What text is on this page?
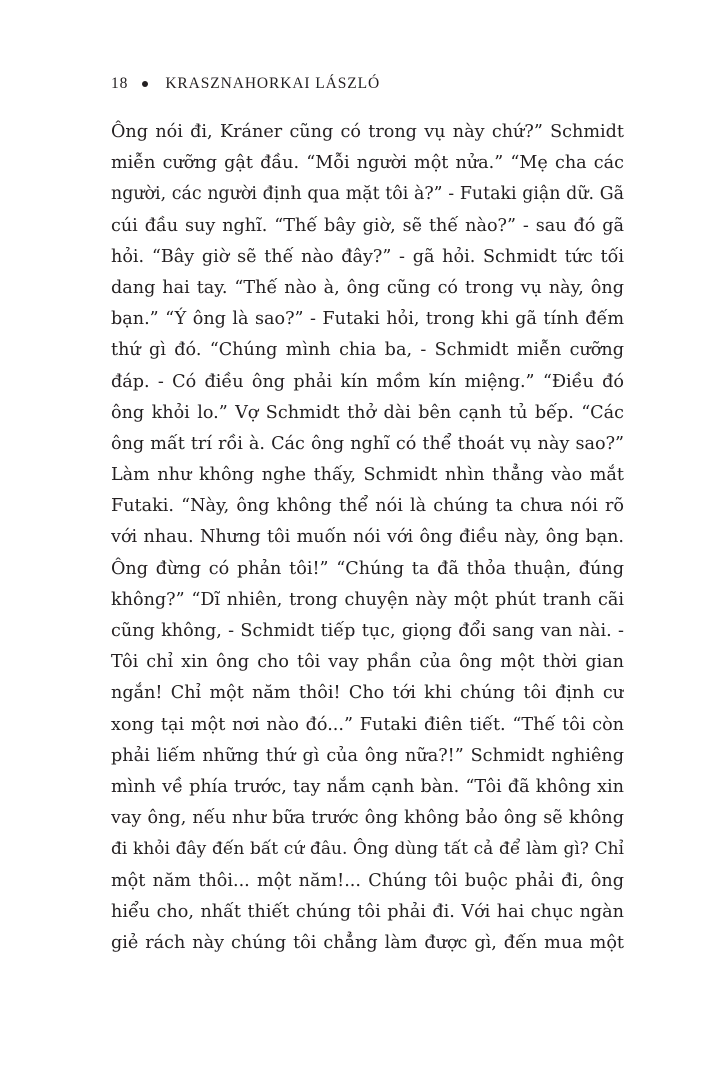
18 KRASZNAHORKAI LÁSZLÓ
Ông nói đi, Kráner cũng có trong vụ này chứ?” Schmidt
miễn cưỡng gật đầu. “Mỗi người một nửa.” “Mẹ cha các
người, các người định qua mặt tôi à?” - Futaki giận dữ. Gã
cúi đầu suy nghĩ. “Thế bây giờ, sẽ thế nào?” - sau đó gã
hỏi. “Bây giờ sẽ thế nào đây?” - gã hỏi. Schmidt tức tối
dang hai tay. “Thế nào à, ông cũng có trong vụ này, ông
bạn.” “Ý ông là sao?” - Futaki hỏi, trong khi gã tính đếm
thứ gì đó. “Chúng mình chia ba, - Schmidt miễn cưỡng
đáp. - Có điều ông phải kín mồm kín miệng.” “Điều đó
ông khỏi lo.” Vợ Schmidt thở dài bên cạnh tủ bếp. “Các
ông mất trí rồi à. Các ông nghĩ có thể thoát vụ này sao?”
Làm như không nghe thấy, Schmidt nhìn thẳng vào mắt
Futaki. “Này, ông không thể nói là chúng ta chưa nói rõ
với nhau. Nhưng tôi muốn nói với ông điều này, ông bạn.
Ông đừng có phản tôi!” “Chúng ta đã thỏa thuận, đúng
không?” “Dĩ nhiên, trong chuyện này một phút tranh cãi
cũng không, - Schmidt tiếp tục, giọng đổi sang van nài. -
Tôi chỉ xin ông cho tôi vay phần của ông một thời gian
ngắn! Chỉ một năm thôi! Cho tới khi chúng tôi định cư
xong tại một nơi nào đó...” Futaki điên tiết. “Thế tôi còn
phải liếm những thứ gì của ông nữa?!” Schmidt nghiêng
mình về phía trước, tay nắm cạnh bàn. “Tôi đã không xin
vay ông, nếu như bữa trước ông không bảo ông sẽ không
đi khỏi đây đến bất cứ đâu. Ông dùng tất cả để làm gì? Chỉ
một năm thôi... một năm!... Chúng tôi buộc phải đi, ông
hiểu cho, nhất thiết chúng tôi phải đi. Với hai chục ngàn
giẻ rách này chúng tôi chẳng làm được gì, đến mua một
